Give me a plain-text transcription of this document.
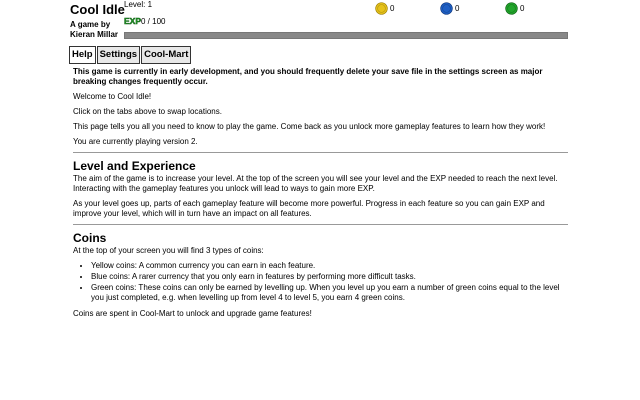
Cool Idle Level: 1
A game by Kieran Millar
EXP 0 / 100
0	0	0
Help Settings Cool-Mart

This game is currently in early development, and you should frequently delete your save file in the settings screen as major breaking changes frequently occur.

Welcome to Cool Idle!

Click on the tabs above to swap locations.

This page tells you all you need to know to play the game. Come back as you unlock more gameplay features to learn how they work!

You are currently playing version 2.

Level and Experience

The aim of the game is to increase your level. At the top of the screen you will see your level and the EXP needed to reach the next level. Interacting with the gameplay features you unlock will lead to ways to gain more EXP.

As your level goes up, parts of each gameplay feature will become more powerful. Progress in each feature so you can gain EXP and improve your level, which will in turn have an impact on all features.

Coins

At the top of your screen you will find 3 types of coins:

• Yellow coins: A common currency you can earn in each feature.
• Blue coins: A rarer currency that you only earn in features by performing more difficult tasks.
• Green coins: These coins can only be earned by levelling up. When you level up you earn a number of green coins equal to the level you just completed, e.g. when levelling up from level 4 to level 5, you earn 4 green coins.

Coins are spent in Cool-Mart to unlock and upgrade game features!
